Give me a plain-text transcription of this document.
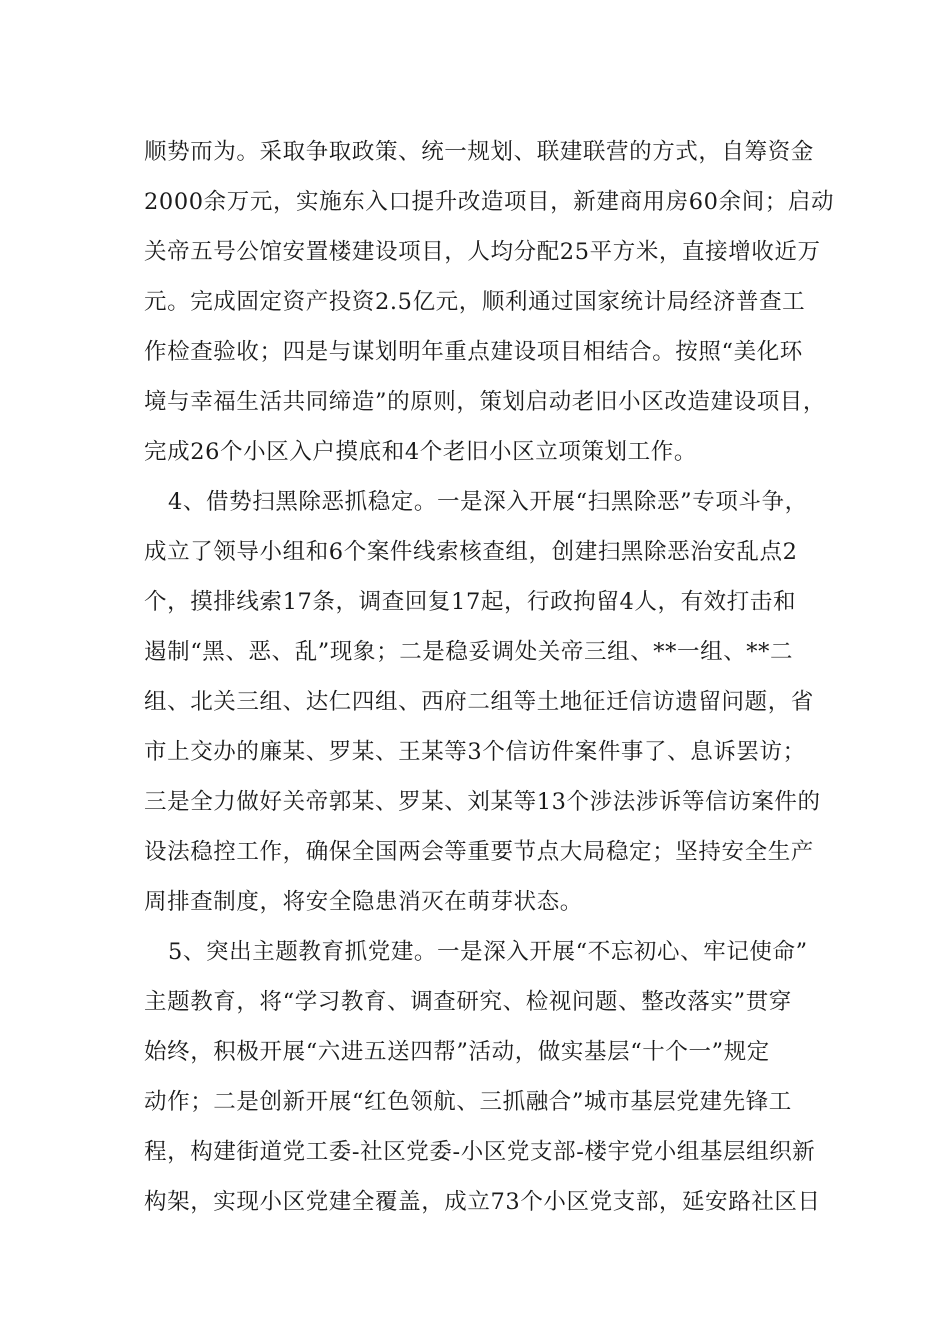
顺势而为。采取争取政策、统一规划、联建联营的方式，自筹资金
2000余万元，实施东入口提升改造项目，新建商用房60余间；启动
关帝五号公馆安置楼建设项目，人均分配25平方米，直接增收近万
元。完成固定资产投资2.5亿元，顺利通过国家统计局经济普查工
作检查验收；四是与谋划明年重点建设项目相结合。按照“美化环
境与幸福生活共同缔造”的原则，策划启动老旧小区改造建设项目，
完成26个小区入户摸底和4个老旧小区立项策划工作。
4、借势扫黑除恶抓稳定。一是深入开展“扫黑除恶”专项斗争，
成立了领导小组和6个案件线索核查组，创建扫黑除恶治安乱点2
个，摸排线索17条，调查回复17起，行政拘留4人，有效打击和
遏制“黑、恶、乱”现象；二是稳妥调处关帝三组、**一组、**二
组、北关三组、达仁四组、西府二组等土地征迁信访遗留问题，省
市上交办的廉某、罗某、王某等3个信访件案件事了、息诉罢访；
三是全力做好关帝郭某、罗某、刘某等13个涉法涉诉等信访案件的
设法稳控工作，确保全国两会等重要节点大局稳定；坚持安全生产
周排查制度，将安全隐患消灭在萌芽状态。
5、突出主题教育抓党建。一是深入开展“不忘初心、牢记使命”
主题教育，将“学习教育、调查研究、检视问题、整改落实”贯穿
始终，积极开展“六进五送四帮”活动，做实基层“十个一”规定
动作；二是创新开展“红色领航、三抓融合”城市基层党建先锋工
程，构建街道党工委-社区党委-小区党支部-楼宇党小组基层组织新
构架，实现小区党建全覆盖，成立73个小区党支部，延安路社区日
